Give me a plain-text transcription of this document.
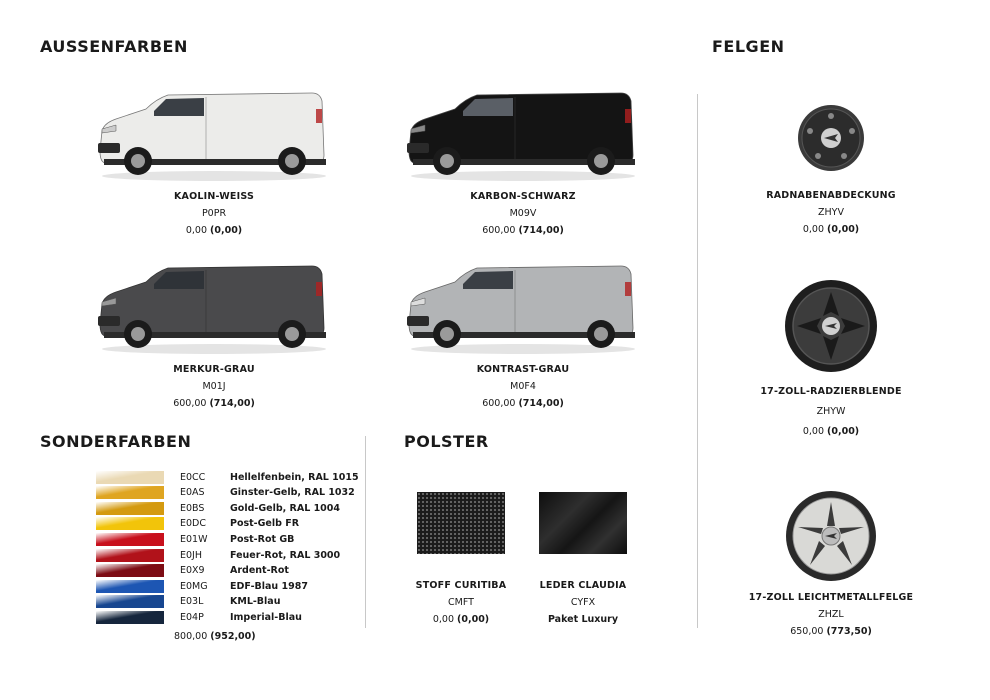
AUSSENFARBEN	FELGEN
SONDERFARBEN	POLSTER
KAOLIN-WEISS
P0PR
0,00 (0,00)
KARBON-SCHWARZ
M09V
600,00 (714,00)
MERKUR-GRAU
M01J
600,00 (714,00)
KONTRAST-GRAU
M0F4
600,00 (714,00)
RADNABENABDECKUNG
ZHYV
0,00 (0,00)
17-ZOLL-RADZIERBLENDE
ZHYW
0,00 (0,00)
17-ZOLL LEICHTMETALLFELGE
ZHZL
650,00 (773,50)
E0CC	Hellelfenbein, RAL 1015
E0AS	Ginster-Gelb, RAL 1032
E0BS	Gold-Gelb, RAL 1004
E0DC	Post-Gelb FR
E01W	Post-Rot GB
E0JH	Feuer-Rot, RAL 3000
E0X9	Ardent-Rot
E0MG	EDF-Blau 1987
E03L	KML-Blau
E04P	Imperial-Blau
800,00 (952,00)
STOFF CURITIBA
CMFT
0,00 (0,00)
LEDER CLAUDIA
CYFX
Paket Luxury
